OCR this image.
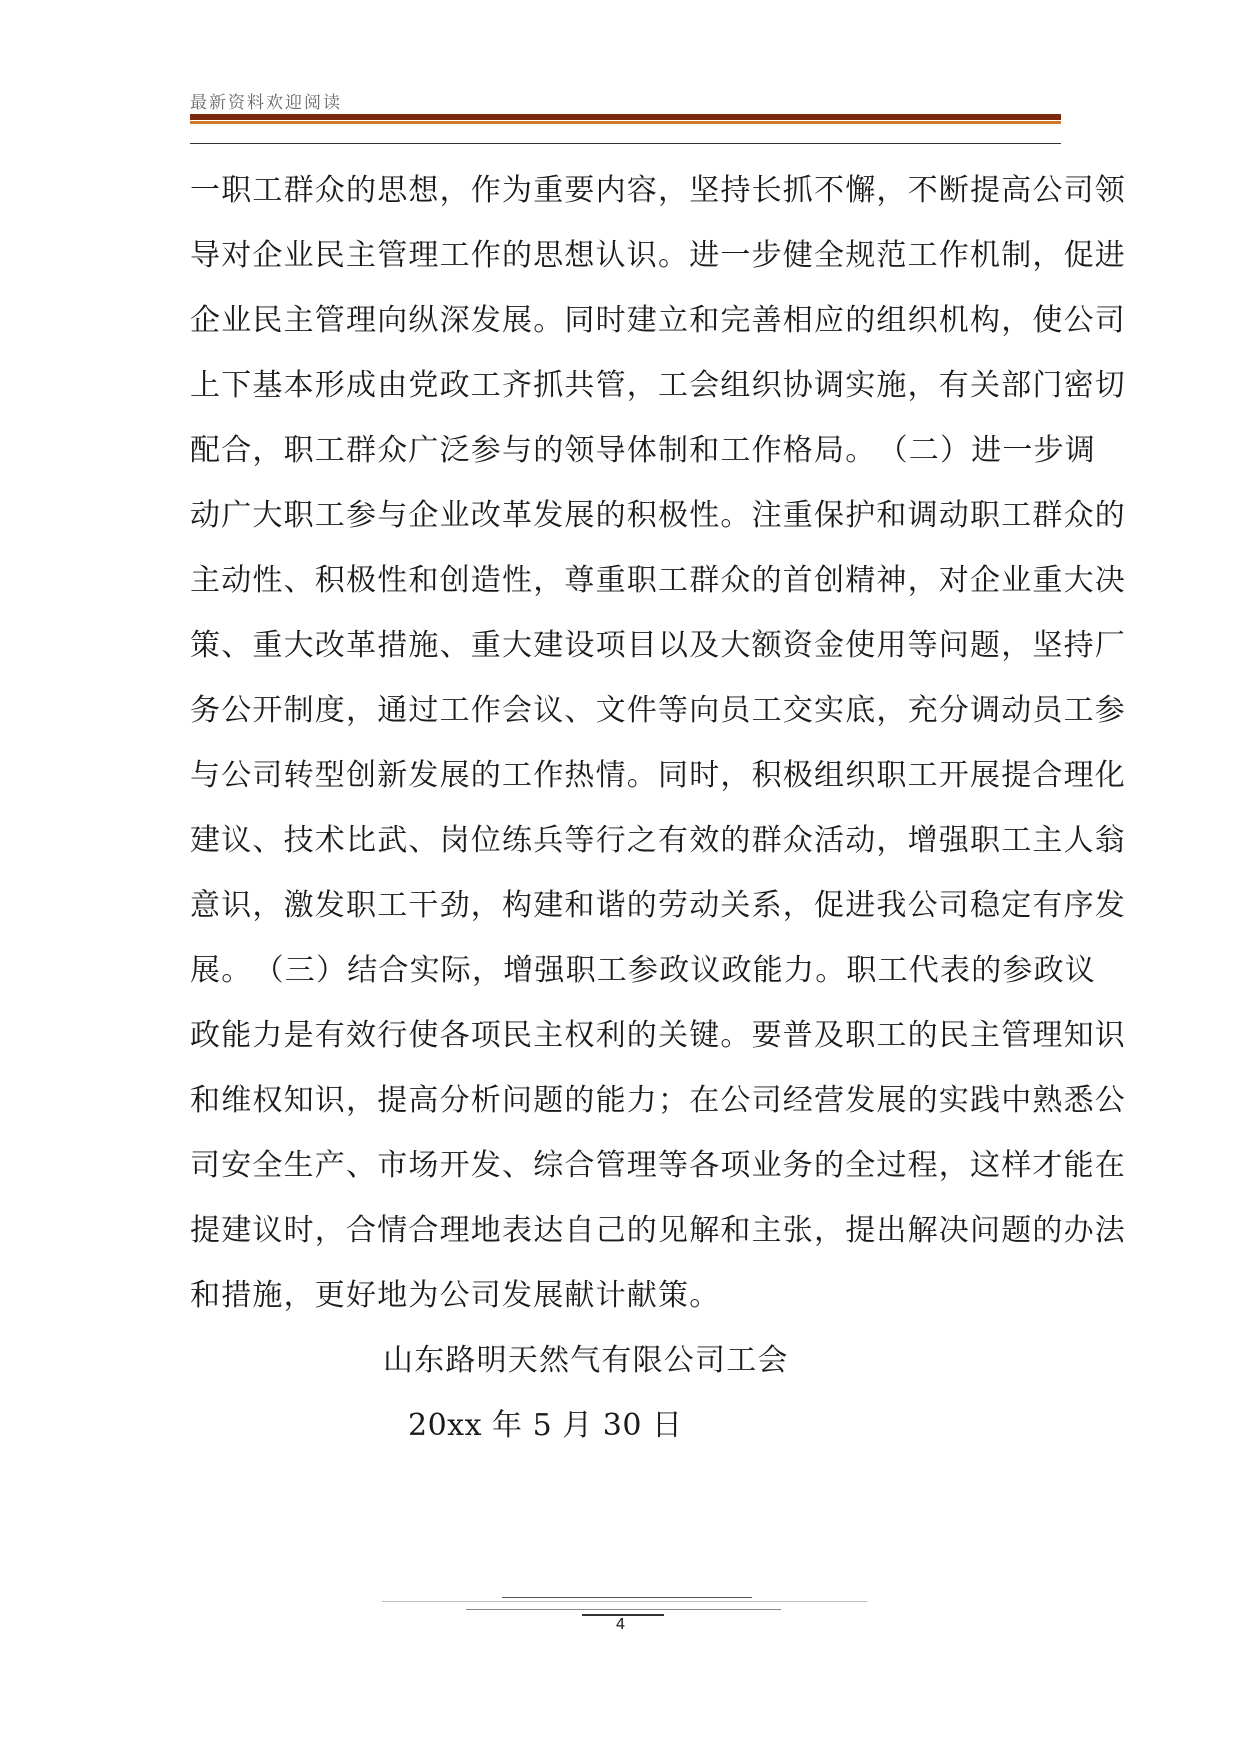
最新资料欢迎阅读
一职工群众的思想，作为重要内容，坚持长抓不懈，不断提高公司领
导对企业民主管理工作的思想认识。进一步健全规范工作机制，促进
企业民主管理向纵深发展。同时建立和完善相应的组织机构，使公司
上下基本形成由党政工齐抓共管，工会组织协调实施，有关部门密切
配合，职工群众广泛参与的领导体制和工作格局。　（二）进一步调
动广大职工参与企业改革发展的积极性。注重保护和调动职工群众的
主动性、积极性和创造性，尊重职工群众的首创精神，对企业重大决
策、重大改革措施、重大建设项目以及大额资金使用等问题，坚持厂
务公开制度，通过工作会议、文件等向员工交实底，充分调动员工参
与公司转型创新发展的工作热情。同时，积极组织职工开展提合理化
建议、技术比武、岗位练兵等行之有效的群众活动，增强职工主人翁
意识，激发职工干劲，构建和谐的劳动关系，促进我公司稳定有序发
展。　（三）结合实际，增强职工参政议政能力。职工代表的参政议
政能力是有效行使各项民主权利的关键。要普及职工的民主管理知识
和维权知识，提高分析问题的能力；在公司经营发展的实践中熟悉公
司安全生产、市场开发、综合管理等各项业务的全过程，这样才能在
提建议时，合情合理地表达自己的见解和主张，提出解决问题的办法
和措施，更好地为公司发展献计献策。

山东路明天然气有限公司工会

20xx 年 5 月 30 日

4
